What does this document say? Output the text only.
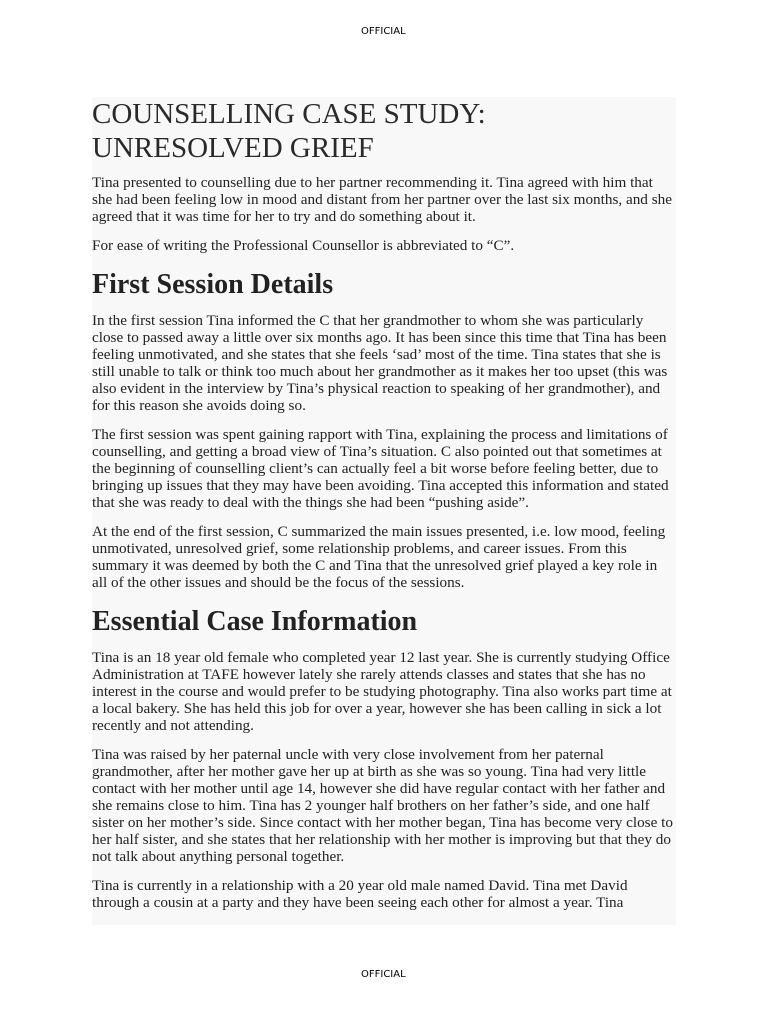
OFFICIAL
COUNSELLING CASE STUDY: UNRESOLVED GRIEF

Tina presented to counselling due to her partner recommending it. Tina agreed with him that she had been feeling low in mood and distant from her partner over the last six months, and she agreed that it was time for her to try and do something about it.

For ease of writing the Professional Counsellor is abbreviated to “C”.

First Session Details

In the first session Tina informed the C that her grandmother to whom she was particularly close to passed away a little over six months ago. It has been since this time that Tina has been feeling unmotivated, and she states that she feels ‘sad’ most of the time. Tina states that she is still unable to talk or think too much about her grandmother as it makes her too upset (this was also evident in the interview by Tina’s physical reaction to speaking of her grandmother), and for this reason she avoids doing so.

The first session was spent gaining rapport with Tina, explaining the process and limitations of counselling, and getting a broad view of Tina’s situation. C also pointed out that sometimes at the beginning of counselling client’s can actually feel a bit worse before feeling better, due to bringing up issues that they may have been avoiding. Tina accepted this information and stated that she was ready to deal with the things she had been “pushing aside”.

At the end of the first session, C summarized the main issues presented, i.e. low mood, feeling unmotivated, unresolved grief, some relationship problems, and career issues. From this summary it was deemed by both the C and Tina that the unresolved grief played a key role in all of the other issues and should be the focus of the sessions.

Essential Case Information

Tina is an 18 year old female who completed year 12 last year. She is currently studying Office Administration at TAFE however lately she rarely attends classes and states that she has no interest in the course and would prefer to be studying photography. Tina also works part time at a local bakery. She has held this job for over a year, however she has been calling in sick a lot recently and not attending.

Tina was raised by her paternal uncle with very close involvement from her paternal grandmother, after her mother gave her up at birth as she was so young. Tina had very little contact with her mother until age 14, however she did have regular contact with her father and she remains close to him. Tina has 2 younger half brothers on her father’s side, and one half sister on her mother’s side. Since contact with her mother began, Tina has become very close to her half sister, and she states that her relationship with her mother is improving but that they do not talk about anything personal together.

Tina is currently in a relationship with a 20 year old male named David. Tina met David through a cousin at a party and they have been seeing each other for almost a year. Tina

OFFICIAL
